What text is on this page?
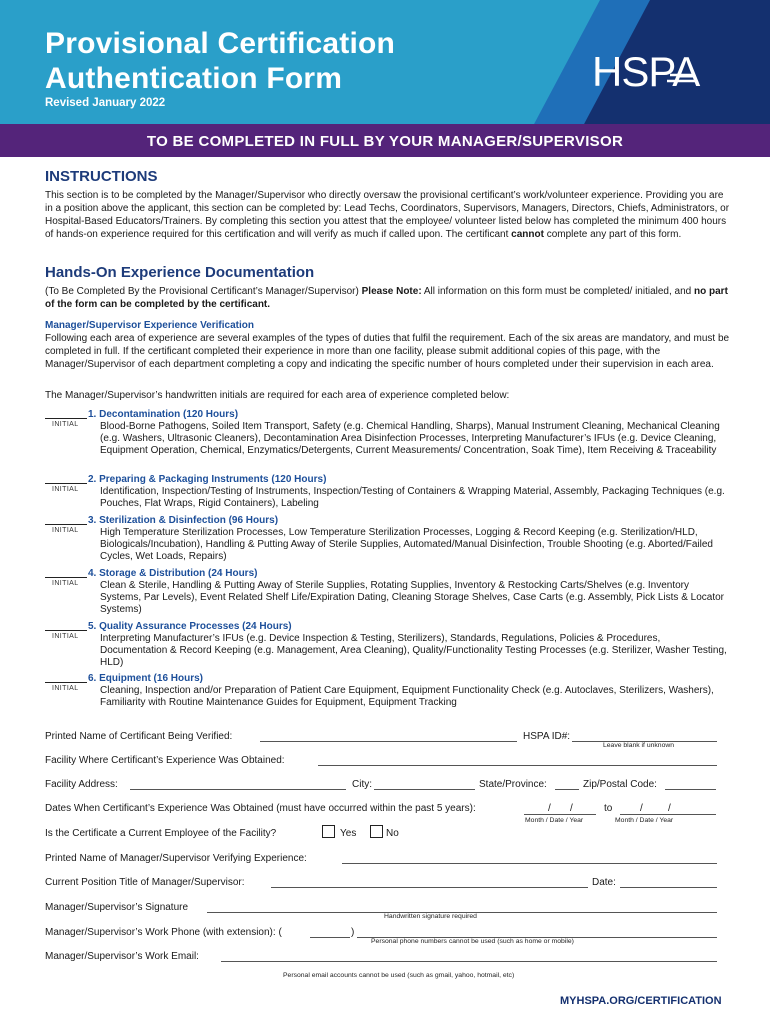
Provisional Certification
Authentication Form
Revised January 2022
HSPA
TO BE COMPLETED IN FULL BY YOUR MANAGER/SUPERVISOR
INSTRUCTIONS
This section is to be completed by the Manager/Supervisor who directly oversaw the provisional certificant’s work/volunteer experience. Providing you are in a position above the applicant, this section can be completed by: Lead Techs, Coordinators, Supervisors, Managers, Directors, Chiefs, Administrators, or Hospital-Based Educators/Trainers. By completing this section you attest that the employee/ volunteer listed below has completed the minimum 400 hours of hands-on experience required for this certification and will verify as much if called upon. The certificant cannot complete any part of this form.
Hands-On Experience Documentation
(To Be Completed By the Provisional Certificant’s Manager/Supervisor) Please Note: All information on this form must be completed/ initialed, and no part of the form can be completed by the certificant.
Manager/Supervisor Experience Verification
Following each area of experience are several examples of the types of duties that fulfil the requirement. Each of the six areas are mandatory, and must be completed in full. If the certificant completed their experience in more than one facility, please submit additional copies of this page, with the Manager/Supervisor of each department completing a copy and indicating the specific number of hours completed under their supervision in each area.
The Manager/Supervisor’s handwritten initials are required for each area of experience completed below:
INITIAL
1. Decontamination (120 Hours)
Blood-Borne Pathogens, Soiled Item Transport, Safety (e.g. Chemical Handling, Sharps), Manual Instrument Cleaning, Mechanical Cleaning (e.g. Washers, Ultrasonic Cleaners), Decontamination Area Disinfection Processes, Interpreting Manufacturer’s IFUs (e.g. Device Cleaning, Equipment Operation, Chemical, Enzymatics/Detergents, Current Measurements/ Concentration, Soak Time), Item Receiving & Traceability
INITIAL
2. Preparing & Packaging Instruments (120 Hours)
Identification, Inspection/Testing of Instruments, Inspection/Testing of Containers & Wrapping Material, Assembly, Packaging Techniques (e.g. Pouches, Flat Wraps, Rigid Containers), Labeling
INITIAL
3. Sterilization & Disinfection (96 Hours)
High Temperature Sterilization Processes, Low Temperature Sterilization Processes, Logging & Record Keeping (e.g. Sterilization/HLD, Biologicals/Incubation), Handling & Putting Away of Sterile Supplies, Automated/Manual Disinfection, Trouble Shooting (e.g. Aborted/Failed Cycles, Wet Loads, Repairs)
INITIAL
4. Storage & Distribution (24 Hours)
Clean & Sterile, Handling & Putting Away of Sterile Supplies, Rotating Supplies, Inventory & Restocking Carts/Shelves (e.g. Inventory Systems, Par Levels), Event Related Shelf Life/Expiration Dating, Cleaning Storage Shelves, Case Carts (e.g. Assembly, Pick Lists & Locator Systems)
INITIAL
5. Quality Assurance Processes (24 Hours)
Interpreting Manufacturer’s IFUs (e.g. Device Inspection & Testing, Sterilizers), Standards, Regulations, Policies & Procedures, Documentation & Record Keeping (e.g. Management, Area Cleaning), Quality/Functionality Testing Processes (e.g. Sterilizer, Washer Testing, HLD)
INITIAL
6. Equipment (16 Hours)
Cleaning, Inspection and/or Preparation of Patient Care Equipment, Equipment Functionality Check (e.g. Autoclaves, Sterilizers, Washers), Familiarity with Routine Maintenance Guides for Equipment, Equipment Tracking
Printed Name of Certificant Being Verified:	HSPA ID#:
Leave blank if unknown
Facility Where Certificant’s Experience Was Obtained:
Facility Address:	City:	State/Province:	Zip/Postal Code:
Dates When Certificant’s Experience Was Obtained (must have occurred within the past 5 years):	/ /	to	/	/
Month / Date / Year	Month / Date / Year
Is the Certificate a Current Employee of the Facility?	Yes	No
Printed Name of Manager/Supervisor Verifying Experience:
Current Position Title of Manager/Supervisor:	Date:
Manager/Supervisor’s Signature
Handwritten signature required
Manager/Supervisor’s Work Phone (with extension): (	)
Personal phone numbers cannot be used (such as home or mobile)
Manager/Supervisor’s Work Email:
Personal email accounts cannot be used (such as gmail, yahoo, hotmail, etc)
MYHSPA.ORG/CERTIFICATION
